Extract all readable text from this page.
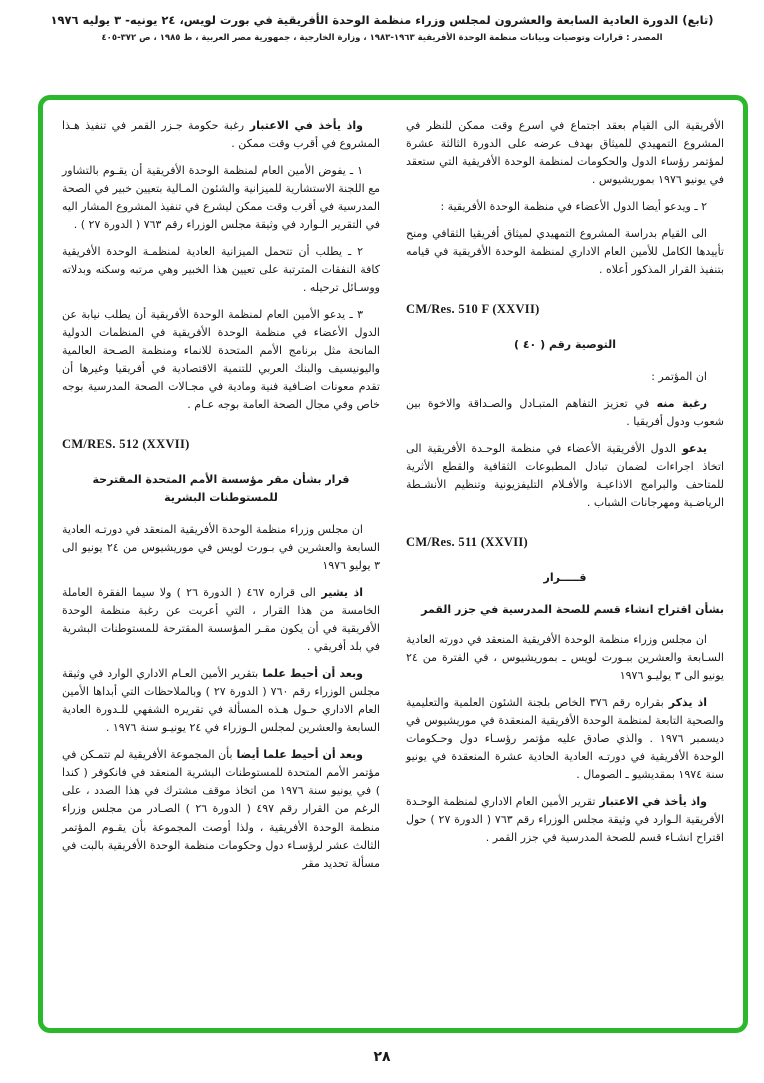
(تابع) الدورة العادية السابعة والعشرون لمجلس وزراء منظمة الوحدة الأفريقية في بورت لويس، ٢٤ يونيه- ٣ يوليه ١٩٧٦
المصدر : قرارات وتوصيات وبيانات منظمة الوحدة الأفريقية ١٩٦٣-١٩٨٣ ، وزارة الخارجية ، جمهورية مصر العربية ، ط ١٩٨٥ ، ص ٣٧٢-٤٠٥
الأفريقية الى القيام بعقد اجتماع في اسرع وقت ممكن للنظر في المشروع التمهيدي للميثاق بهدف عرضه على الدورة الثالثة عشرة لمؤتمر رؤساء الدول والحكومات لمنظمة الوحدة الأفريقية التي ستعقد في يونيو ١٩٧٦ بموريشيوس .
٢ ـ ويدعو أيضا الدول الأعضاء في منظمة الوحدة الأفريقية :
الى القيام بدراسة المشروع التمهيدي لميثاق أفريقيا الثقافي ومنح تأييدها الكامل للأمين العام الاداري لمنظمة الوحدة الأفريقية في قيامه بتنفيذ القرار المذكور أعلاه .
CM/Res. 510 F (XXVII)
التوصية رقم ( ٤٠ )
ان المؤتمر :
رغبة منه في تعزيز التفاهم المتبـادل والصـداقة والاخوة بين شعوب ودول أفريقيا .
يدعو الدول الأفريقية الأعضاء في منظمة الوحـدة الأفريقية الى اتخاذ اجراءات لضمان تبادل المطبوعات الثقافية والقطع الأثرية للمتاحف والبرامج الاذاعيـة والأفـلام التليفزيونية وتنظيم الأنشـطة الرياضـية ومهرجانات الشباب .
CM/Res. 511 (XXVII)
قـــــرار
بشأن اقتراح انشاء قسم للصحة المدرسية في جزر القمر
ان مجلس وزراء منظمة الوحدة الأفريقية المنعقد في دورته العادية السـابعة والعشرين ببـورت لويس ـ بموريشيوس ، في الفترة من ٢٤ يونيو الى ٣ يوليـو ١٩٧٦
اذ يذكر بقراره رقم ٣٧٦ الخاص بلجنة الشئون العلمية والتعليمية والصحية التابعة لمنظمة الوحدة الأفريقية المنعقدة في موريشيوس في ديسمبر ١٩٧٦ . والذي صادق عليه مؤتمر رؤسـاء دول وحـكومات الوحدة الأفريقية في دورتـه العادية الحادية عشرة المنعقدة في يونيو سنة ١٩٧٤ بمقديشيو ـ الصومال .
واذ يأخذ في الاعتبار تقرير الأمين العام الاداري لمنظمة الوحـدة الأفريقية الـوارد في وثيقة مجلس الوزراء رقم ٧٦٣ ( الدورة ٢٧ ) حول اقتراح انشـاء قسم للصحة المدرسية في جزر القمر .
واذ يأخذ في الاعتبار رغبة حكومة جـزر القمر في تنفيذ هـذا المشروع في أقرب وقت ممكن .
١ ـ يفوض الأمين العام لمنظمة الوحدة الأفريقية أن يقـوم بالتشاور مع اللجنة الاستشارية للميزانية والشئون المـالية بتعيين خبير في الصحة المدرسية في أقرب وقت ممكن ليشرع في تنفيذ المشروع المشار اليه في التقرير الـوارد في وثيقة مجلس الوزراء رقم ٧٦٣ ( الدورة ٢٧ ) .
٢ ـ يطلب أن تتحمل الميزانية العادية لمنظمـة الوحدة الأفريقية كافة النفقات المترتبة على تعيين هذا الخبير وهي مرتبه وسكنه وبدلاته ووسـائل ترحيله .
٣ ـ يدعو الأمين العام لمنظمة الوحدة الأفريقية أن يطلب نيابة عن الدول الأعضاء في منظمة الوحدة الأفريقية في المنظمات الدولية المانحة مثل برنامج الأمم المتحدة للانماء ومنظمة الصـحة العالمية واليونيسيف والبنك العربي للتنمية الاقتصادية في أفريقيا وغيرها أن تقدم معونات اضـافية فنية ومادية في مجـالات الصحة المدرسية بوجه خاص وفي مجال الصحة العامة بوجه عـام .
CM/RES. 512 (XXVII)
قرار بشأن مقر مؤسسة الأمم المتحدة المقترحة للمستوطنات البشرية
ان مجلس وزراء منظمة الوحدة الأفريقية المنعقد في دورتـه العادية السابعة والعشرين في بـورت لويس في موريشيوس من ٢٤ يونيو الى ٣ يوليو ١٩٧٦
اذ يشير الى قراره ٤٦٧ ( الدورة ٢٦ ) ولا سيما الفقرة العاملة الخامسة من هذا القرار ، التي أعربت عن رغبة منظمة الوحدة الأفريقية في أن يكون مقـر المؤسسة المقترحة للمستوطنات البشرية في بلد أفريقي .
وبعد أن أحيط علما بتقرير الأمين العـام الاداري الوارد في وثيقة مجلس الوزراء رقم ٧٦٠ ( الدورة ٢٧ ) وبالملاحظات التي أبداها الأمين العام الاداري حـول هـذه المسألة في تقريره الشفهي للـدورة العادية السابعة والعشرين لمجلس الـوزراء في ٢٤ يونيـو سنة ١٩٧٦ .
وبعد أن أحيط علما أيضا بأن المجموعة الأفريقية لم تتمـكن في مؤتمر الأمم المتحدة للمستوطنات البشرية المنعقد في فانكوفر ( كندا ) في يونيو سنة ١٩٧٦ من اتخاذ موقف مشترك في هذا الصدد ، على الرغم من القرار رقم ٤٩٧ ( الدورة ٢٦ ) الصـادر من مجلس وزراء منظمة الوحدة الأفريقية ، ولذا أوصت المجموعة بأن يقـوم المؤتمر الثالث عشر لرؤسـاء دول وحكومات منظمة الوحدة الأفريقية بالبت في مسألة تحديد مقر
٢٨
